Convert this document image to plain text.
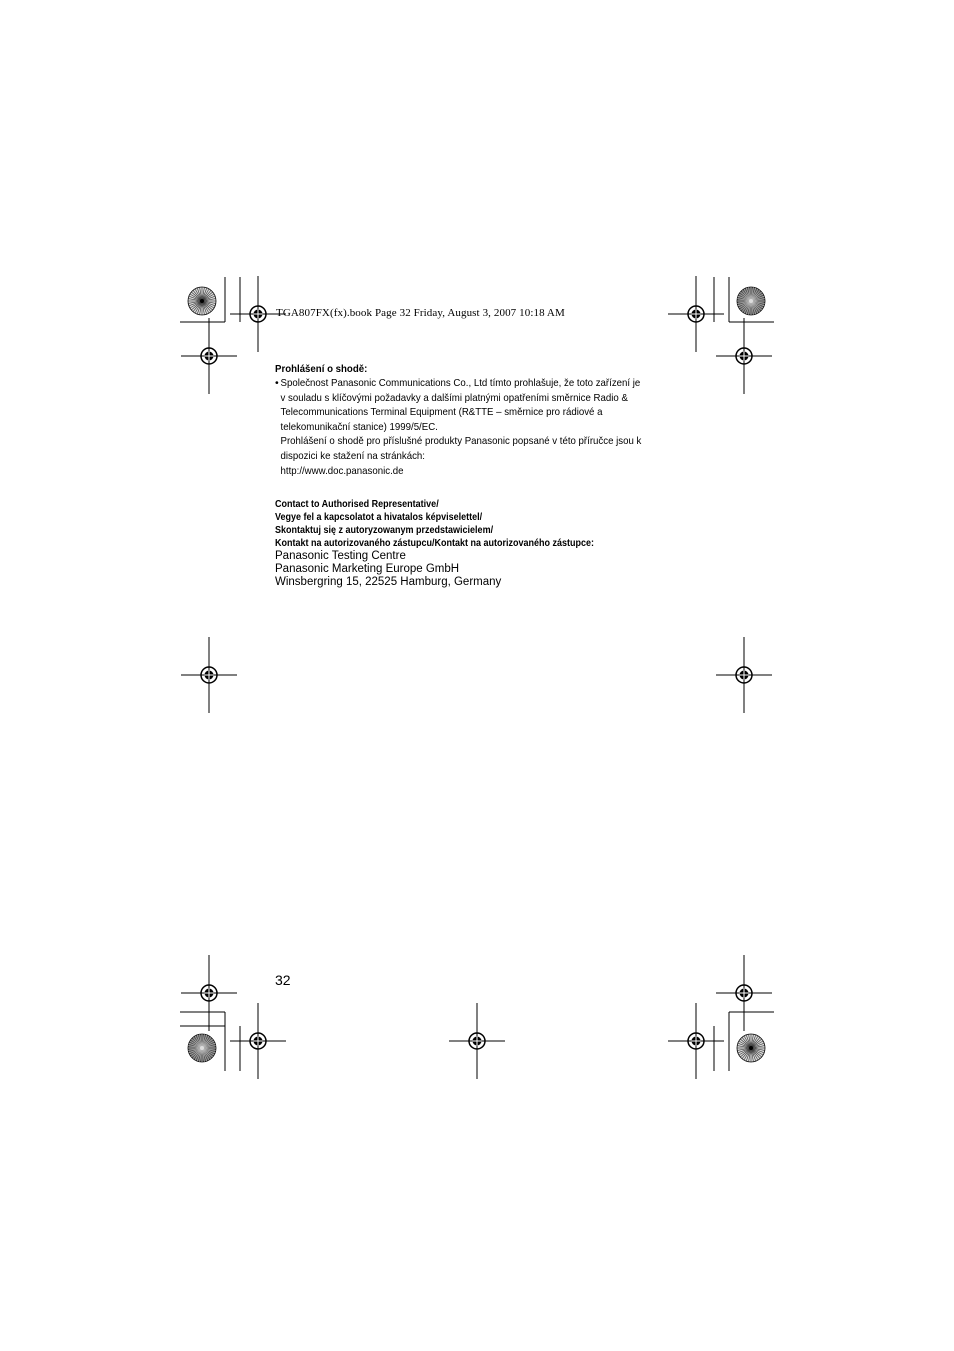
TGA807FX(fx).book Page 32 Friday, August 3, 2007 10:18 AM
Prohlášení o shodě:
• Společnost Panasonic Communications Co., Ltd tímto prohlašuje, že toto zařízení je
v souladu s klíčovými požadavky a dalšími platnými opatřeními směrnice Radio &
Telecommunications Terminal Equipment (R&TTE – směrnice pro rádiové a
telekomunikační stanice) 1999/5/EC.
Prohlášení o shodě pro příslušné produkty Panasonic popsané v této příručce jsou k
dispozici ke stažení na stránkách:
http://www.doc.panasonic.de
Contact to Authorised Representative/
Vegye fel a kapcsolatot a hivatalos képviselettel/
Skontaktuj się z autoryzowanym przedstawicielem/
Kontakt na autorizovaného zástupcu/Kontakt na autorizovaného zástupce:
Panasonic Testing Centre
Panasonic Marketing Europe GmbH
Winsbergring 15, 22525 Hamburg, Germany
32
